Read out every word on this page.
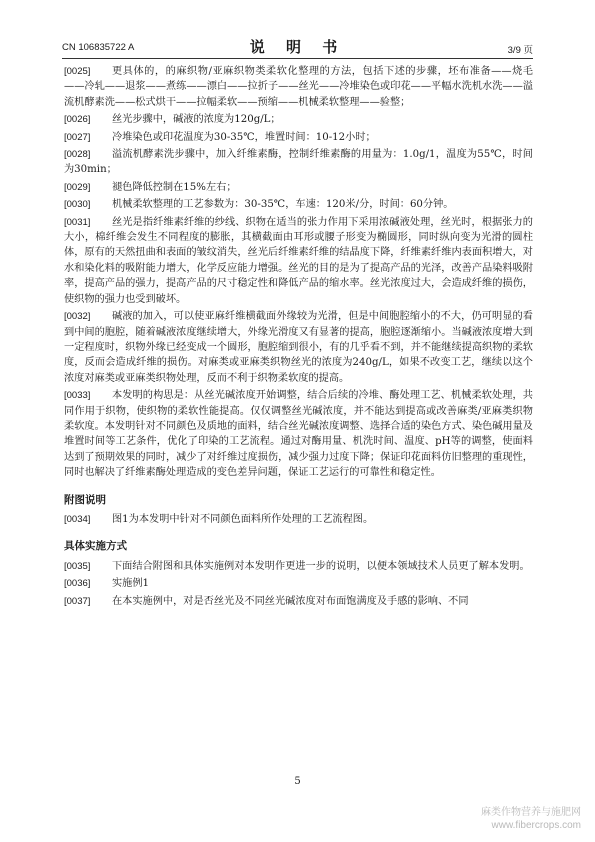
CN 106835722 A	说 明 书	3/9 页
[0025]	更具体的，的麻织物/亚麻织物类柔软化整理的方法，包括下述的步骤，坯布准备——烧毛——冷轧——退浆——煮练——漂白——拉折子——丝光——冷堆染色或印花——平幅水洗机水洗——溢流机酵素洗——松式烘干——拉幅柔软——预缩——机械柔软整理——验整；
[0026]	丝光步骤中，碱液的浓度为120g/L；
[0027]	冷堆染色或印花温度为30-35℃，堆置时间：10-12小时；
[0028]	溢流机酵素洗步骤中，加入纤维素酶，控制纤维素酶的用量为：1.0g/1，温度为55℃，时间为30min；
[0029]	褪色降低控制在15%左右；
[0030]	机械柔软整理的工艺参数为：30-35℃，车速：120米/分，时间：60分钟。
[0031]	丝光是指纤维素纤维的纱线、织物在适当的张力作用下采用浓碱液处理，丝光时，根据张力的大小，棉纤维会发生不同程度的膨胀，其横截面由耳形或腰子形变为椭圆形，同时纵向变为光滑的圆柱体，原有的天然扭曲和表面的皱纹消失，丝光后纤维素纤维的结晶度下降，纤维素纤维内表面积增大，对水和染化料的吸附能力增大，化学反应能力增强。丝光的目的是为了提高产品的光泽，改善产品染料吸附率，提高产品的强力，提高产品的尺寸稳定性和降低产品的缩水率。丝光浓度过大，会造成纤维的损伤，使织物的强力也受到破坏。
[0032]	碱液的加入，可以使亚麻纤维横截面外缘较为光滑，但是中间胞腔缩小的不大，仍可明显的看到中间的胞腔，随着碱液浓度继续增大，外缘光滑度又有显著的提高，胞腔逐渐缩小。当碱液浓度增大到一定程度时，织物外缘已经变成一个圆形，胞腔缩到很小，有的几乎看不到，并不能继续提高织物的柔软度，反而会造成纤维的损伤。对麻类或亚麻类织物丝光的浓度为240g/L，如果不改变工艺，继续以这个浓度对麻类或亚麻类织物处理，反而不利于织物柔软度的提高。
[0033]	本发明的构思是：从丝光碱浓度开始调整，结合后续的冷堆、酶处理工艺、机械柔软处理，共同作用于织物，使织物的柔软性能提高。仅仅调整丝光碱浓度，并不能达到提高或改善麻类/亚麻类织物柔软度。本发明针对不同颜色及质地的面料，结合丝光碱浓度调整、选择合适的染色方式、染色碱用量及堆置时间等工艺条件，优化了印染的工艺流程。通过对酶用量、机洗时间、温度、pH等的调整，使面料达到了预期效果的同时，减少了对纤维过度损伤，减少强力过度下降；保证印花面料仿旧整理的重现性，同时也解决了纤维素酶处理造成的变色差异问题，保证工艺运行的可靠性和稳定性。
附图说明
[0034]	图1为本发明中针对不同颜色面料所作处理的工艺流程图。
具体实施方式
[0035]	下面结合附图和具体实施例对本发明作更进一步的说明，以便本领域技术人员更了解本发明。
[0036]	实施例1
[0037]	在本实施例中，对是否丝光及不同丝光碱浓度对布面饱满度及手感的影响、不同
5
麻类作物营养与施肥网
www.fibercrops.com
